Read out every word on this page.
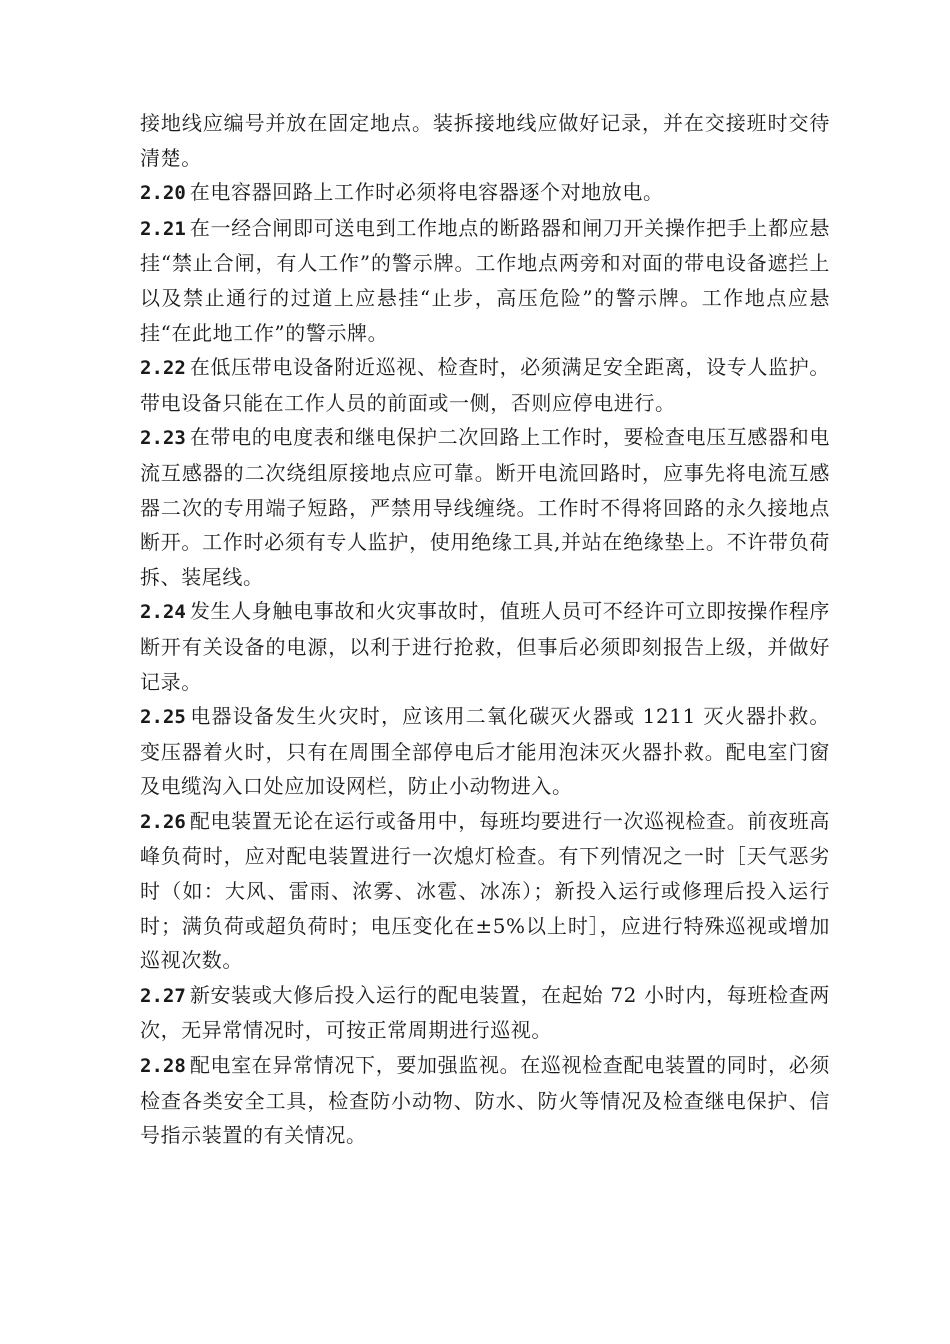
接地线应编号并放在固定地点。装拆接地线应做好记录，并在交接班时交待清楚。

2.20 在电容器回路上工作时必须将电容器逐个对地放电。

2.21 在一经合闸即可送电到工作地点的断路器和闸刀开关操作把手上都应悬挂“禁止合闸，有人工作”的警示牌。工作地点两旁和对面的带电设备遮拦上以及禁止通行的过道上应悬挂“止步，高压危险”的警示牌。工作地点应悬挂“在此地工作”的警示牌。

2.22 在低压带电设备附近巡视、检查时，必须满足安全距离，设专人监护。带电设备只能在工作人员的前面或一侧，否则应停电进行。

2.23 在带电的电度表和继电保护二次回路上工作时，要检查电压互感器和电流互感器的二次绕组原接地点应可靠。断开电流回路时，应事先将电流互感器二次的专用端子短路，严禁用导线缠绕。工作时不得将回路的永久接地点断开。工作时必须有专人监护，使用绝缘工具,并站在绝缘垫上。不许带负荷拆、装尾线。

2.24 发生人身触电事故和火灾事故时，值班人员可不经许可立即按操作程序断开有关设备的电源，以利于进行抢救，但事后必须即刻报告上级，并做好记录。

2.25 电器设备发生火灾时，应该用二氧化碳灭火器或 1211 灭火器扑救。变压器着火时，只有在周围全部停电后才能用泡沫灭火器扑救。配电室门窗及电缆沟入口处应加设网栏，防止小动物进入。

2.26 配电装置无论在运行或备用中，每班均要进行一次巡视检查。前夜班高峰负荷时，应对配电装置进行一次熄灯检查。有下列情况之一时［天气恶劣时（如：大风、雷雨、浓雾、冰雹、冰冻）；新投入运行或修理后投入运行时；满负荷或超负荷时；电压变化在±5%以上时］，应进行特殊巡视或增加巡视次数。

2.27 新安装或大修后投入运行的配电装置，在起始 72 小时内，每班检查两次，无异常情况时，可按正常周期进行巡视。

2.28 配电室在异常情况下，要加强监视。在巡视检查配电装置的同时，必须检查各类安全工具，检查防小动物、防水、防火等情况及检查继电保护、信号指示装置的有关情况。
